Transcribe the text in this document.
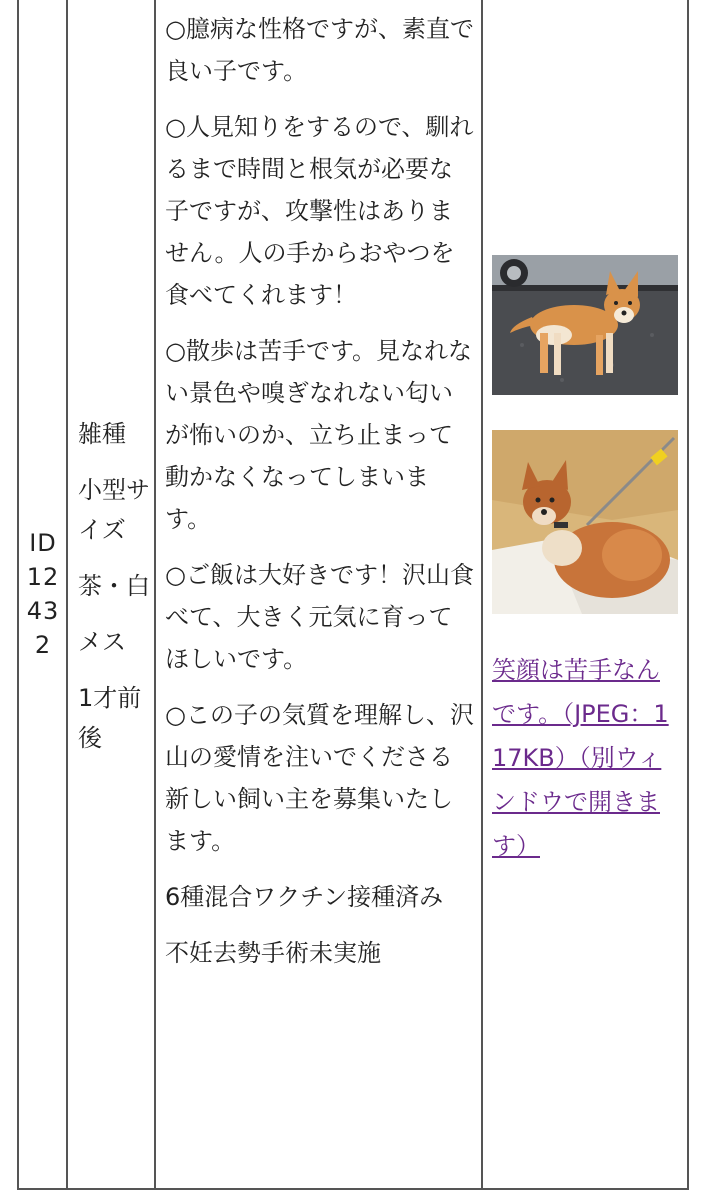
ID 12432

雑種

小型サイズ

茶・白

メス

1才前後

○臆病な性格ですが、素直で良い子です。

○人見知りをするので、馴れるまで時間と根気が必要な子ですが、攻撃性はありません。人の手からおやつを食べてくれます！

○散歩は苦手です。見なれない景色や嗅ぎなれない匂いが怖いのか、立ち止まって動かなくなってしまいます。

○ご飯は大好きです！沢山食べて、大きく元気に育ってほしいです。

○この子の気質を理解し、沢山の愛情を注いでくださる新しい飼い主を募集いたします。

6種混合ワクチン接種済み

不妊去勢手術未実施

笑顔は苦手なんです。（JPEG：117KB）（別ウィンドウで開きます）
